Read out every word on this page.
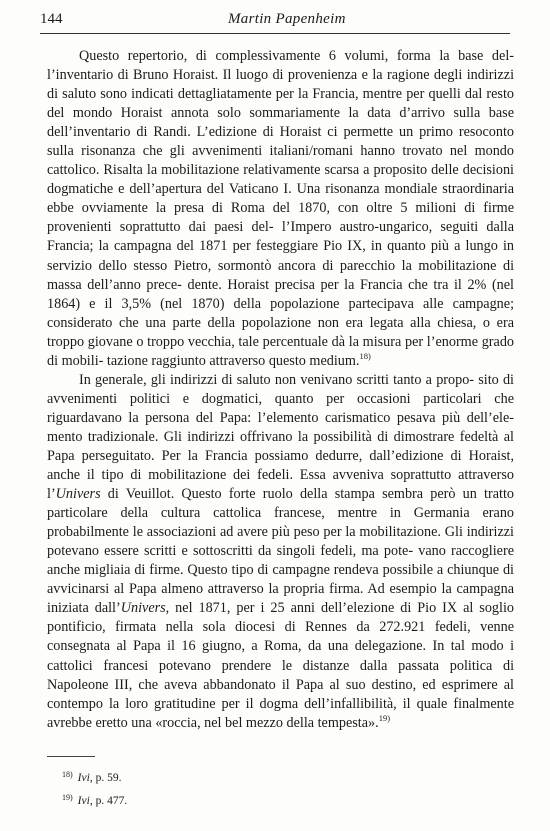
144	Martin Papenheim

Questo repertorio, di complessivamente 6 volumi, forma la base del- l’inventario di Bruno Horaist. Il luogo di provenienza e la ragione degli indirizzi di saluto sono indicati dettagliatamente per la Francia, mentre per quelli dal resto del mondo Horaist annota solo sommariamente la data d’arrivo sulla base dell’inventario di Randi. L’edizione di Horaist ci permette un primo resoconto sulla risonanza che gli avvenimenti italiani/romani hanno trovato nel mondo cattolico. Risalta la mobilitazione relativamente scarsa a proposito delle decisioni dogmatiche e dell’apertura del Vaticano I. Una risonanza mondiale straordinaria ebbe ovviamente la presa di Roma del 1870, con oltre 5 milioni di firme provenienti soprattutto dai paesi del- l’Impero austro-ungarico, seguiti dalla Francia; la campagna del 1871 per festeggiare Pio IX, in quanto più a lungo in servizio dello stesso Pietro, sormontò ancora di parecchio la mobilitazione di massa dell’anno prece- dente. Horaist precisa per la Francia che tra il 2% (nel 1864) e il 3,5% (nel 1870) della popolazione partecipava alle campagne; considerato che una parte della popolazione non era legata alla chiesa, o era troppo giovane o troppo vecchia, tale percentuale dà la misura per l’enorme grado di mobili- tazione raggiunto attraverso questo medium.$^{18)}$

In generale, gli indirizzi di saluto non venivano scritti tanto a propo- sito di avvenimenti politici e dogmatici, quanto per occasioni particolari che riguardavano la persona del Papa: l’elemento carismatico pesava più dell’ele- mento tradizionale. Gli indirizzi offrivano la possibilità di dimostrare fedeltà al Papa perseguitato. Per la Francia possiamo dedurre, dall’edizione di Horaist, anche il tipo di mobilitazione dei fedeli. Essa avveniva soprattutto attraverso l’Univers di Veuillot. Questo forte ruolo della stampa sembra però un tratto particolare della cultura cattolica francese, mentre in Germania erano probabilmente le associazioni ad avere più peso per la mobilitazione. Gli indirizzi potevano essere scritti e sottoscritti da singoli fedeli, ma pote- vano raccogliere anche migliaia di firme. Questo tipo di campagne rendeva possibile a chiunque di avvicinarsi al Papa almeno attraverso la propria firma. Ad esempio la campagna iniziata dall’Univers, nel 1871, per i 25 anni dell’elezione di Pio IX al soglio pontificio, firmata nella sola diocesi di Rennes da 272.921 fedeli, venne consegnata al Papa il 16 giugno, a Roma, da una delegazione. In tal modo i cattolici francesi potevano prendere le distanze dalla passata politica di Napoleone III, che aveva abbandonato il Papa al suo destino, ed esprimere al contempo la loro gratitudine per il dogma dell’infallibilità, il quale finalmente avrebbe eretto una «roccia, nel bel mezzo della tempesta».$^{19)}$

$^{18)}$ Ivi, p. 59.
$^{19)}$ Ivi, p. 477.
